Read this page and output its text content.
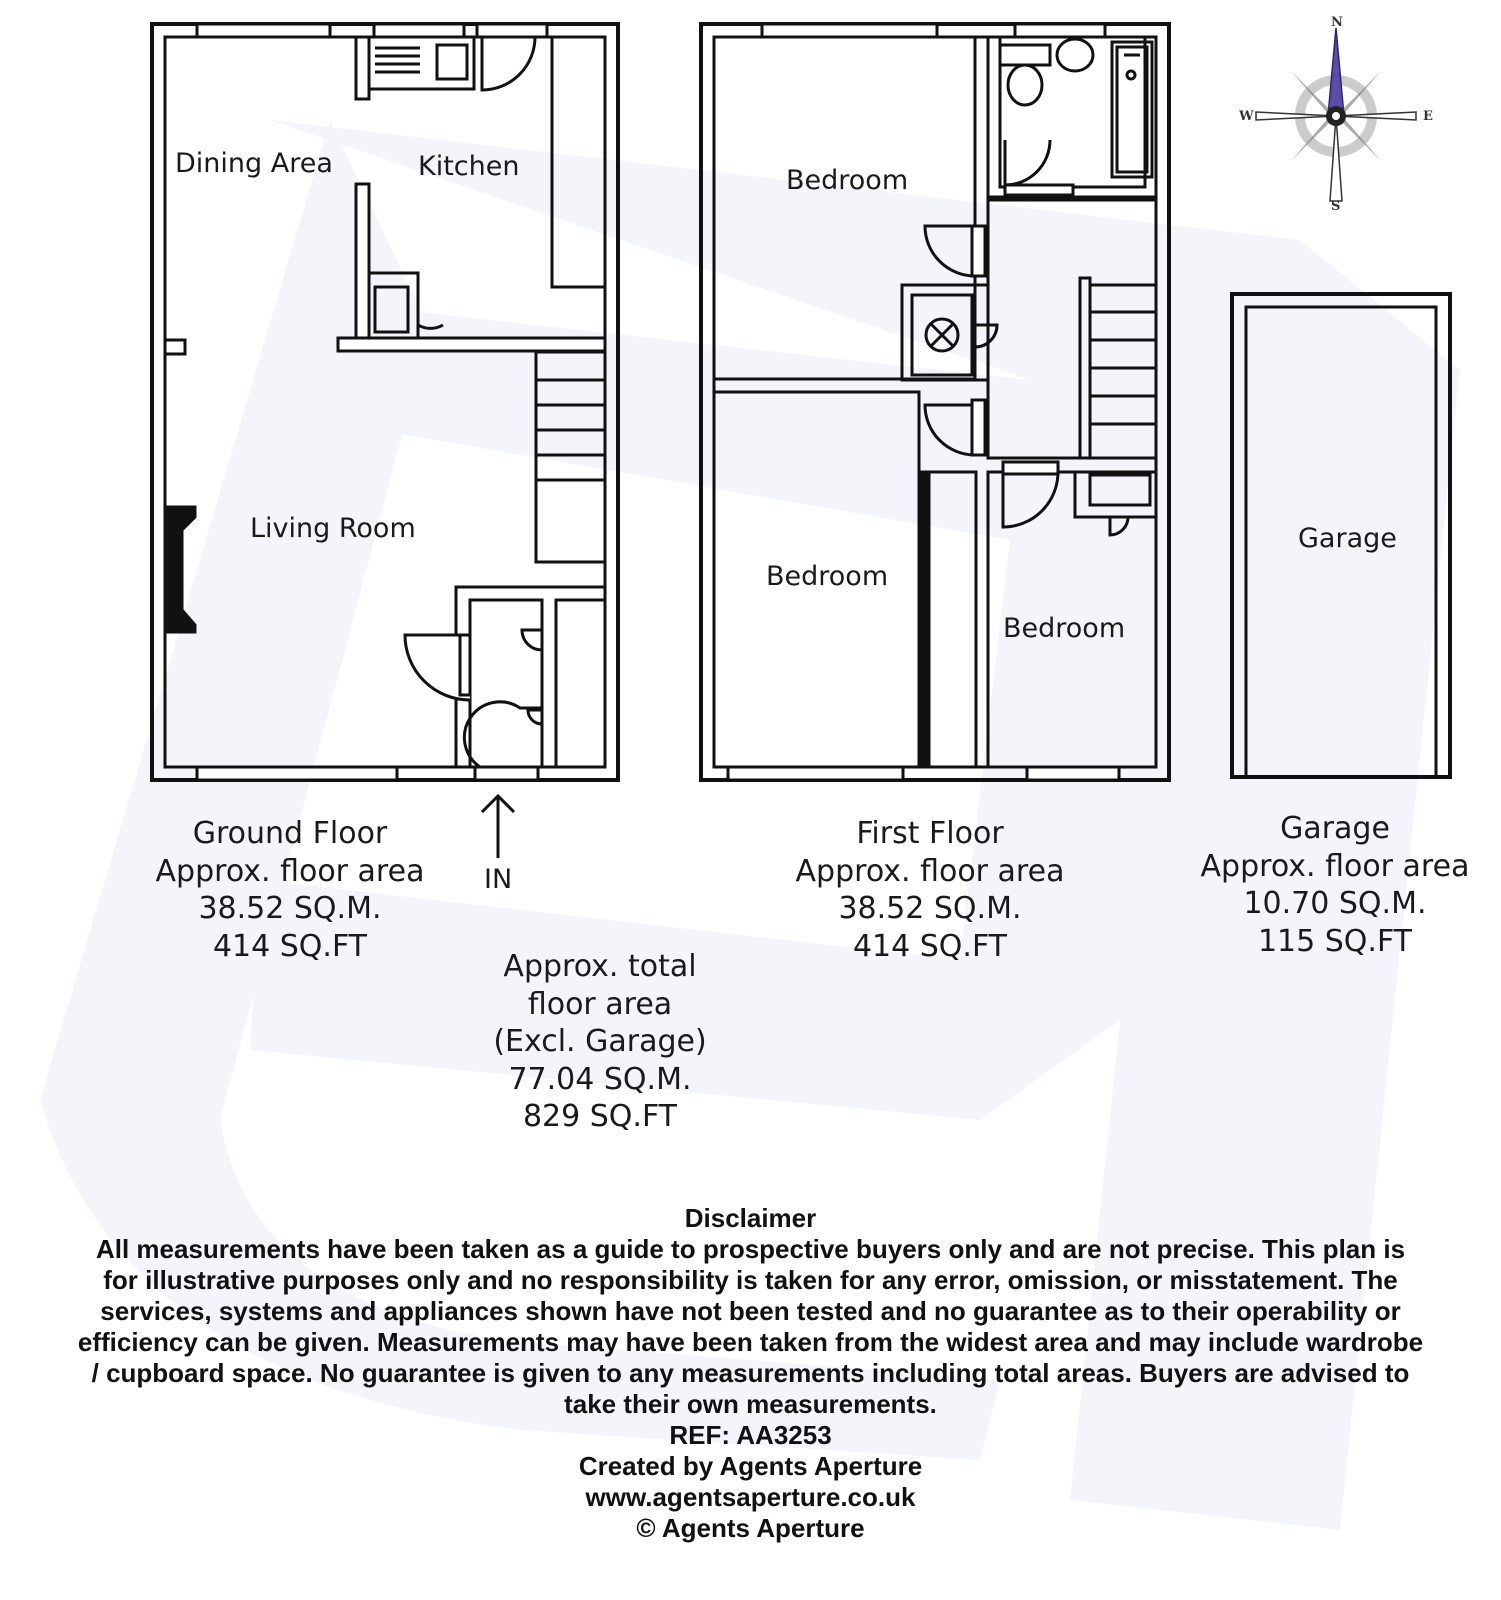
Dining Area	Kitchen
Living Room
Bedroom
Bedroom
Bedroom
Garage
IN
N
S
E
W
Ground Floor
Approx. floor area
38.52 SQ.M.
414 SQ.FT
First Floor
Approx. floor area
38.52 SQ.M.
414 SQ.FT
Garage
Approx. floor area
10.70 SQ.M.
115 SQ.FT
Approx. total
floor area
(Excl. Garage)
77.04 SQ.M.
829 SQ.FT
Disclaimer
All measurements have been taken as a guide to prospective buyers only and are not precise. This plan is
for illustrative purposes only and no responsibility is taken for any error, omission, or misstatement. The
services, systems and appliances shown have not been tested and no guarantee as to their operability or
efficiency can be given. Measurements may have been taken from the widest area and may include wardrobe
/ cupboard space. No guarantee is given to any measurements including total areas. Buyers are advised to
take their own measurements.
REF: AA3253
Created by Agents Aperture
www.agentsaperture.co.uk
© Agents Aperture
